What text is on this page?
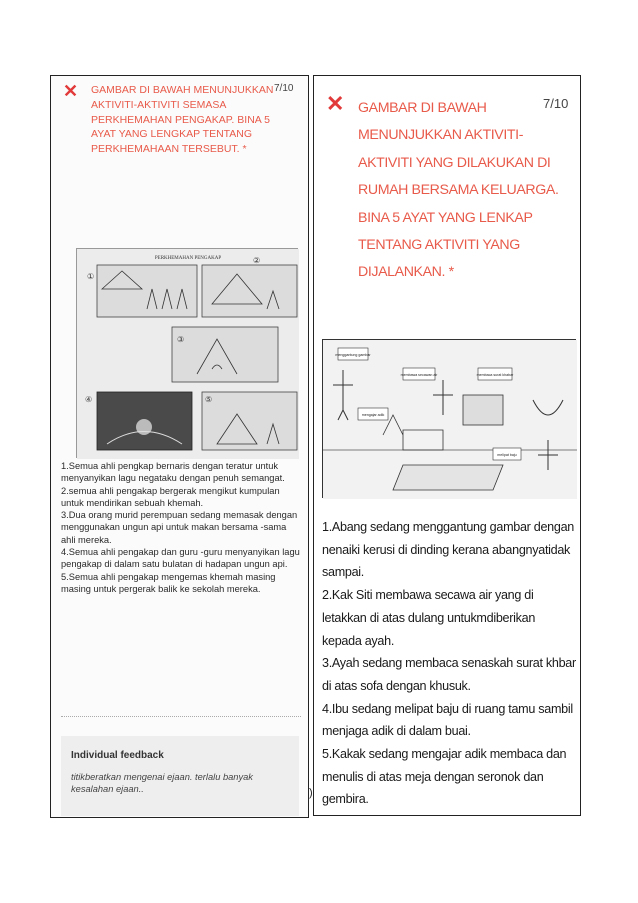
✕ GAMBAR DI BAWAH MENUNJUKKAN AKTIVITI-AKTIVITI SEMASA PERKHEMAHAN PENGAKAP. BINA 5 AYAT YANG LENGKAP TENTANG PERKHEMAHAAN TERSEBUT. *
7/10
PERKHEMAHAN PENGAKAP
①
③
④	⑤
②

1.Semua ahli pengkap bernaris dengan teratur untuk menyanyikan lagu negataku dengan penuh semangat.

2.semua ahli pengakap bergerak mengikut kumpulan untuk mendirikan sebuah khemah.

3.Dua orang murid perempuan sedang memasak dengan menggunakan ungun api untuk makan bersama -sama ahli mereka.

4.Semua ahli pengakap dan guru -guru menyanyikan lagu pengakap di dalam satu bulatan di hadapan ungun api.

5.Semua ahli pengakap mengemas khemah masing masing untuk pergerak balik ke sekolah mereka.

Individual feedback
titikberatkan mengenai ejaan. terlalu banyak kesalahan ejaan..
✕ GAMBAR DI BAWAH MENUNJUKKAN AKTIVITI-AKTIVITI YANG DILAKUKAN DI RUMAH BERSAMA KELUARGA. BINA 5 AYAT YANG LENKAP TENTANG AKTIVITI YANG DIJALANKAN. *
7/10
menggantung gambar
membawa secawan air	membaca surat khabar
mengajar adik
melipat baju

1.Abang sedang menggantung gambar dengan nenaiki kerusi di dinding kerana abangnyatidak sampai.

2.Kak Siti membawa secawa air yang di letakkan di atas dulang untukmdiberikan kepada ayah.

3.Ayah sedang membaca senaskah surat khbar di atas sofa dengan khusuk.

4.Ibu sedang melipat baju di ruang tamu sambil menjaga adik di dalam buai.

5.Kakak sedang mengajar adik membaca dan menulis di atas meja dengan seronok dan gembira.

)
